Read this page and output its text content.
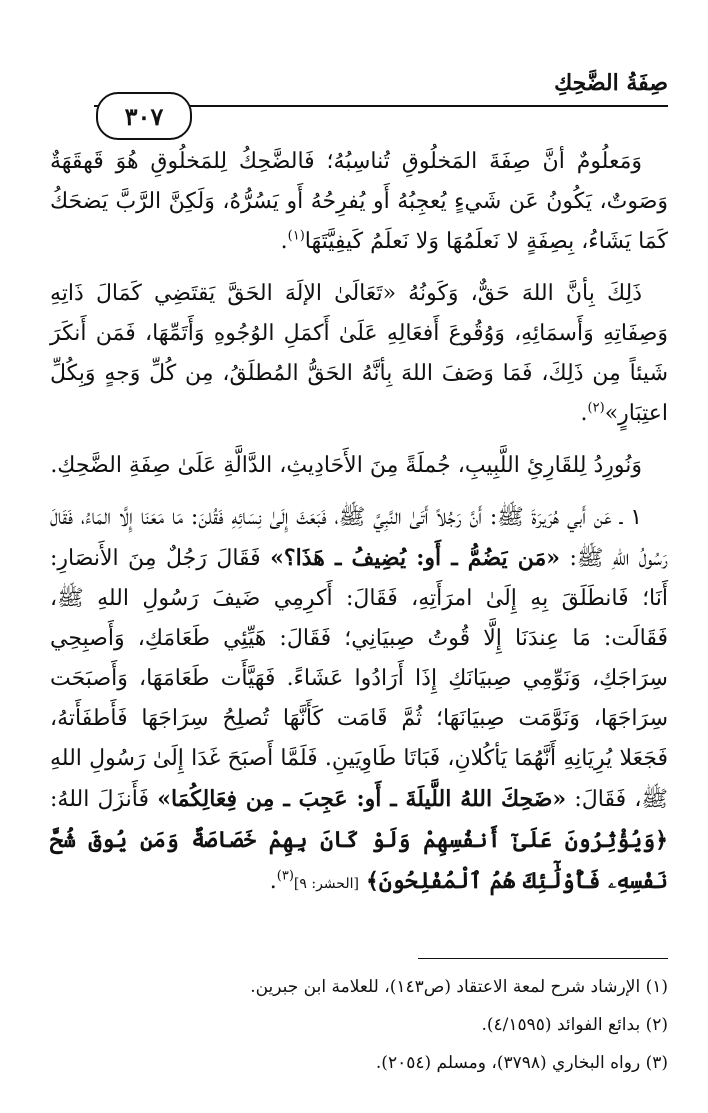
صِفَةُ الضَّحِكِ
٣٠٧

وَمَعلُومٌ أنَّ صِفَةَ المَخلُوقِ تُناسِبُهُ؛ فَالضَّحِكُ لِلمَخلُوقِ هُوَ قَهقَهَةٌ وَصَوتٌ، يَكُونُ عَن شَيءٍ يُعجِبُهُ أَو يُفرِحُهُ أَو يَسُرُّهُ، وَلَكِنَّ الرَّبَّ يَضحَكُ كَمَا يَشَاءُ، بِصِفَةٍ لا نَعلَمُهَا وَلا نَعلَمُ كَيفِيَّتَهَا$^{(١)}$.

ذَلِكَ بِأنَّ اللهَ حَقٌّ، وَكَونُهُ «تَعَالَىٰ الإلَهَ الحَقَّ يَقتَضِي كَمَالَ ذَاتِهِ وَصِفَاتِهِ وَأَسمَائِهِ، وَوُقُوعَ أَفعَالِهِ عَلَىٰ أَكمَلِ الوُجُوهِ وَأَتَمِّهَا، فَمَن أَنكَرَ شَيئاً مِن ذَلِكَ، فَمَا وَصَفَ اللهَ بِأنَّهُ الحَقُّ المُطلَقُ، مِن كُلِّ وَجهٍ وَبِكُلِّ اعتِبَارٍ»$^{(٢)}$.

وَنُورِدُ لِلقَارِئِ اللَّبِيبِ، جُملَةً مِنَ الأَحَادِيثِ، الدَّالَّةِ عَلَىٰ صِفَةِ الضَّحِكِ.

١ ـ عَن أَبي هُرَيرَةَ ﷺ: أَنَّ رَجُلاً أَتَىٰ النَّبِيَّ ﷺ، فَبَعَثَ إِلَىٰ نِسَائِهِ فَقُلنَ: مَا مَعَنَا إِلَّا المَاءُ، فَقَالَ رَسُولُ اللهِ ﷺ: «مَن يَضُمُّ ـ أَو: يُضِيفُ ـ هَذَا؟» فَقَالَ رَجُلٌ مِنَ الأَنصَارِ: أَنَا؛ فَانطَلَقَ بِهِ إِلَىٰ امرَأَتِهِ، فَقَالَ: أَكرِمِي ضَيفَ رَسُولِ اللهِ ﷺ، فَقَالَت: مَا عِندَنَا إِلَّا قُوتُ صِبيَانِي؛ فَقَالَ: هَيِّئِي طَعَامَكِ، وَأَصبِحِي سِرَاجَكِ، وَنَوِّمِي صِبيَانَكِ إِذَا أَرَادُوا عَشَاءً. فَهَيَّأَت طَعَامَهَا، وَأَصبَحَت سِرَاجَهَا، وَنَوَّمَت صِبيَانَهَا؛ ثُمَّ قَامَت كَأَنَّهَا تُصلِحُ سِرَاجَهَا فَأَطفَأَتهُ، فَجَعَلا يُرِيَانِهِ أَنَّهُمَا يَأكُلانِ، فَبَاتَا طَاوِيَينِ. فَلَمَّا أَصبَحَ غَدَا إِلَىٰ رَسُولِ اللهِ ﷺ، فَقَالَ: «ضَحِكَ اللهُ اللَّيلَةَ ـ أَو: عَجِبَ ـ مِن فِعَالِكُمَا» فَأَنزَلَ اللهُ: ﴿وَيُؤْثِرُونَ عَلَىٰٓ أَنفُسِهِمْ وَلَوْ كَانَ بِهِمْ خَصَاصَةٌ وَمَن يُوقَ شُحَّ نَفْسِهِۦ فَأُوْلَٰٓئِكَ هُمُ ٱلْمُفْلِحُونَ﴾ [الحشر: ٩]$^{(٣)}$.

(١) الإرشاد شرح لمعة الاعتقاد (ص١٤٣)، للعلامة ابن جبرين.
(٢) بدائع الفوائد (٤/١٥٩٥).
(٣) رواه البخاري (٣٧٩٨)، ومسلم (٢٠٥٤).
